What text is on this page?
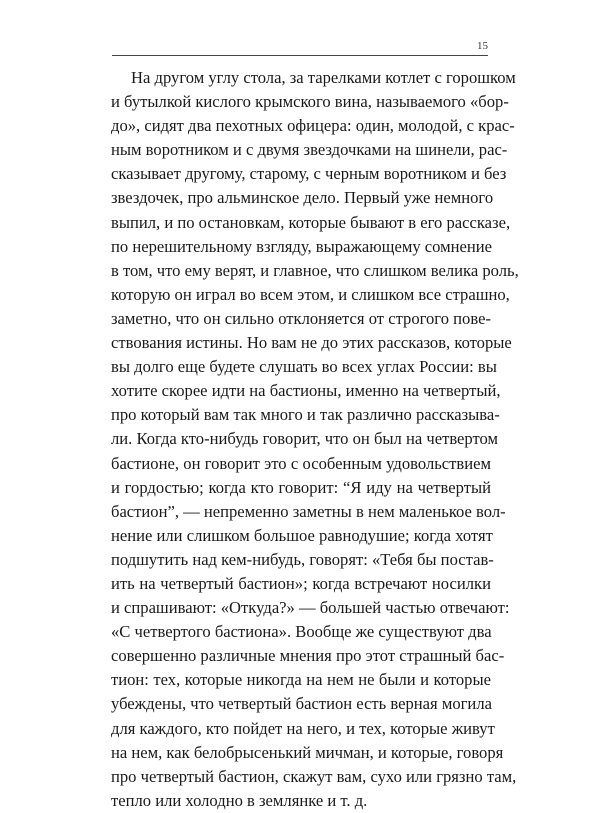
15
На другом углу стола, за тарелками котлет с горошком
и бутылкой кислого крымского вина, называемого «бор-
до», сидят два пехотных офицера: один, молодой, с крас-
ным воротником и с двумя звездочками на шинели, рас-
сказывает другому, старому, с черным воротником и без
звездочек, про альминское дело. Первый уже немного
выпил, и по остановкам, которые бывают в его рассказе,
по нерешительному взгляду, выражающему сомнение
в том, что ему верят, и главное, что слишком велика роль,
которую он играл во всем этом, и слишком все страшно,
заметно, что он сильно отклоняется от строгого пове-
ствования истины. Но вам не до этих рассказов, которые
вы долго еще будете слушать во всех углах России: вы
хотите скорее идти на бастионы, именно на четвертый,
про который вам так много и так различно рассказыва-
ли. Когда кто-нибудь говорит, что он был на четвертом
бастионе, он говорит это с особенным удовольствием
и гордостью; когда кто говорит: “Я иду на четвертый
бастион”, — непременно заметны в нем маленькое вол-
нение или слишком большое равнодушие; когда хотят
подшутить над кем-нибудь, говорят: «Тебя бы постав-
ить на четвертый бастион»; когда встречают носилки
и спрашивают: «Откуда?» — большей частью отвечают:
«С четвертого бастиона». Вообще же существуют два
совершенно различные мнения про этот страшный бас-
тион: тех, которые никогда на нем не были и которые
убеждены, что четвертый бастион есть верная могила
для каждого, кто пойдет на него, и тех, которые живут
на нем, как белобрысенький мичман, и которые, говоря
про четвертый бастион, скажут вам, сухо или грязно там,
тепло или холодно в землянке и т. д.
